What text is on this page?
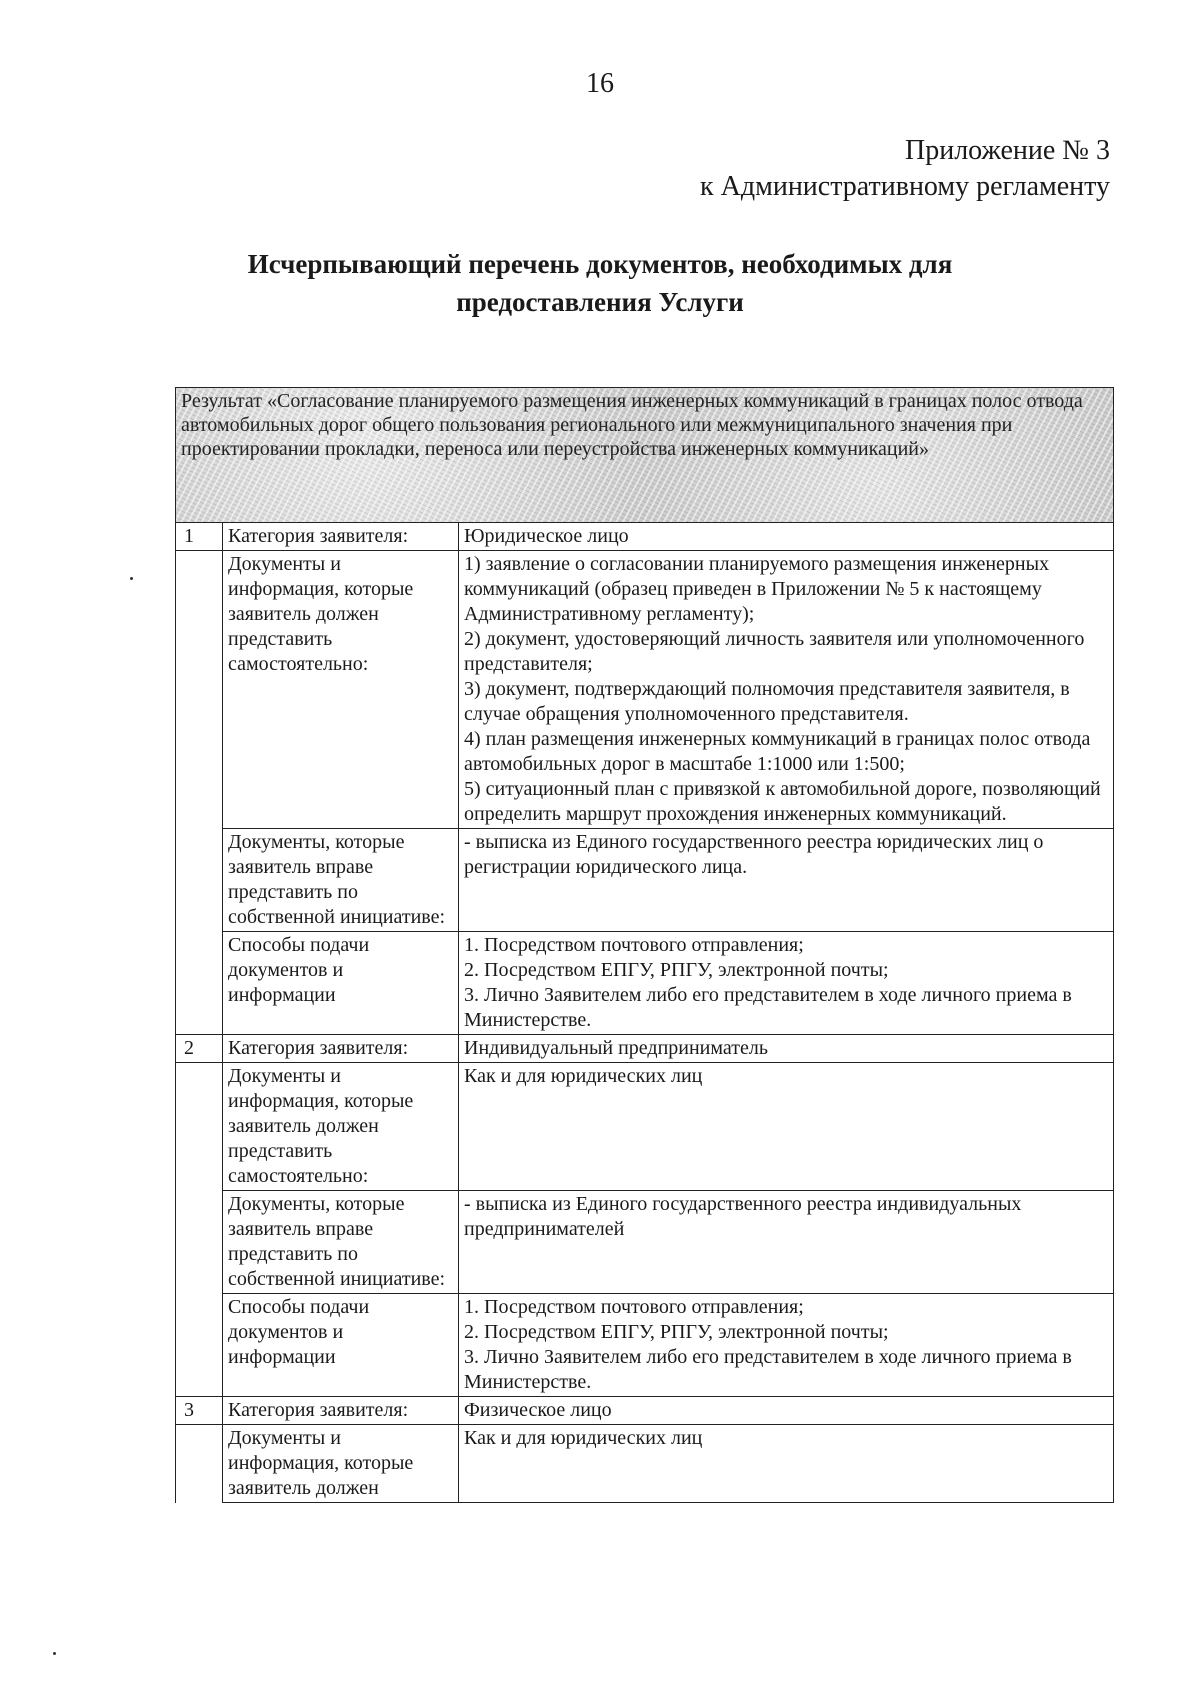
16
Приложение № 3
к Административному регламенту
Исчерпывающий перечень документов, необходимых для
предоставления Услуги
Результат «Согласование планируемого размещения инженерных коммуникаций в границах полос отвода автомобильных дорог общего пользования регионального или межмуниципального значения при проектировании прокладки, переноса или переустройства инженерных коммуникаций»		
1	Категория заявителя:	Юридическое лицо

	Документы и информация, которые заявитель должен представить самостоятельно:	1) заявление о согласовании планируемого размещения инженерных коммуникаций (образец приведен в Приложении № 5 к настоящему Административному регламенту);
2) документ, удостоверяющий личность заявителя или уполномоченного представителя;
3) документ, подтверждающий полномочия представителя заявителя, в случае обращения уполномоченного представителя.
4) план размещения инженерных коммуникаций в границах полос отвода автомобильных дорог в масштабе 1:1000 или 1:500;
5) ситуационный план с привязкой к автомобильной дороге, позволяющий определить маршрут прохождения инженерных коммуникаций.

	Документы, которые заявитель вправе представить по собственной инициативе:	- выписка из Единого государственного реестра юридических лиц о регистрации юридического лица.

	Способы подачи документов и информации	1. Посредством почтового отправления;
2. Посредством ЕПГУ, РПГУ, электронной почты;
3. Лично Заявителем либо его представителем в ходе личного приема в Министерстве.

2	Категория заявителя:	Индивидуальный предприниматель

	Документы и информация, которые заявитель должен представить самостоятельно:	Как и для юридических лиц

	Документы, которые заявитель вправе представить по собственной инициативе:	- выписка из Единого государственного реестра индивидуальных предпринимателей

	Способы подачи документов и информации	1. Посредством почтового отправления;
2. Посредством ЕПГУ, РПГУ, электронной почты;
3. Лично Заявителем либо его представителем в ходе личного приема в Министерстве.

3	Категория заявителя:	Физическое лицо

	Документы и информация, которые заявитель должен	Как и для юридических лиц
